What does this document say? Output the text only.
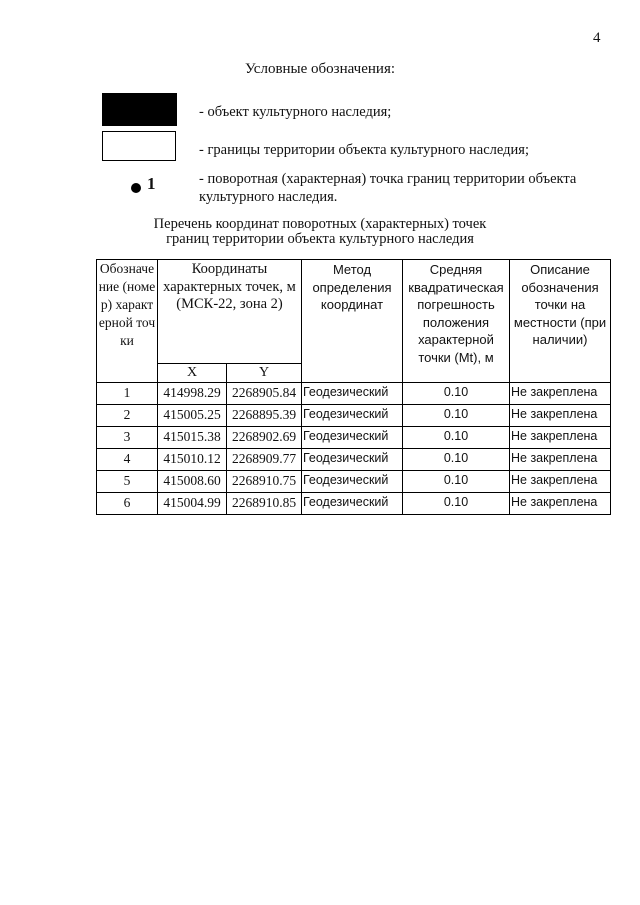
4
Условные обозначения:
- объект культурного наследия;
- границы территории объекта культурного наследия;
1	- поворотная (характерная) точка границ территории объекта культурного наследия.
Перечень координат поворотных (характерных) точек
границ территории объекта культурного наследия
Обозначение (номер) характерной точки	Координаты характерных точек, м (МСК-22, зона 2)		Метод определения координат	Средняя квадратическая погрешность положения характерной точки (Mt), м	Описание обозначения точки на местности (при наличии)
	X	Y			
1	414998.29	2268905.84	Геодезический	0.10	Не закреплена
2	415005.25	2268895.39	Геодезический	0.10	Не закреплена
3	415015.38	2268902.69	Геодезический	0.10	Не закреплена
4	415010.12	2268909.77	Геодезический	0.10	Не закреплена
5	415008.60	2268910.75	Геодезический	0.10	Не закреплена
6	415004.99	2268910.85	Геодезический	0.10	Не закреплена
